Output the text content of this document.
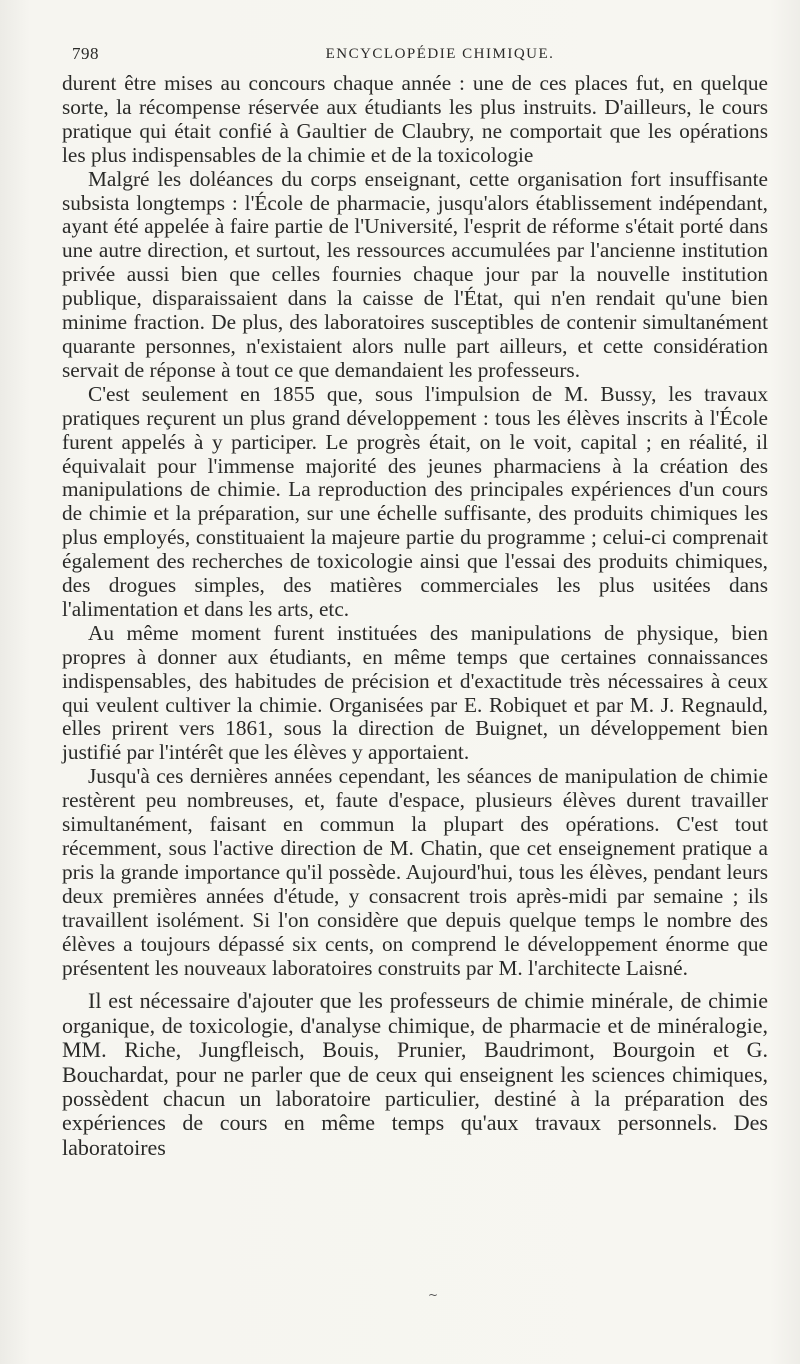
798	ENCYCLOPÉDIE CHIMIQUE.

durent être mises au concours chaque année : une de ces places fut, en quelque sorte, la récompense réservée aux étudiants les plus instruits. D'ailleurs, le cours pratique qui était confié à Gaultier de Claubry, ne comportait que les opérations les plus indispensables de la chimie et de la toxicologie

Malgré les doléances du corps enseignant, cette organisation fort insuffisante subsista longtemps : l'École de pharmacie, jusqu'alors établissement indépendant, ayant été appelée à faire partie de l'Université, l'esprit de réforme s'était porté dans une autre direction, et surtout, les ressources accumulées par l'ancienne institution privée aussi bien que celles fournies chaque jour par la nouvelle institution publique, disparaissaient dans la caisse de l'État, qui n'en rendait qu'une bien minime fraction. De plus, des laboratoires susceptibles de contenir simultanément quarante personnes, n'existaient alors nulle part ailleurs, et cette considération servait de réponse à tout ce que demandaient les professeurs.

C'est seulement en 1855 que, sous l'impulsion de M. Bussy, les travaux pratiques reçurent un plus grand développement : tous les élèves inscrits à l'École furent appelés à y participer. Le progrès était, on le voit, capital ; en réalité, il équivalait pour l'immense majorité des jeunes pharmaciens à la création des manipulations de chimie. La reproduction des principales expériences d'un cours de chimie et la préparation, sur une échelle suffisante, des produits chimiques les plus employés, constituaient la majeure partie du programme ; celui-ci comprenait également des recherches de toxicologie ainsi que l'essai des produits chimiques, des drogues simples, des matières commerciales les plus usitées dans l'alimentation et dans les arts, etc.

Au même moment furent instituées des manipulations de physique, bien propres à donner aux étudiants, en même temps que certaines connaissances indispensables, des habitudes de précision et d'exactitude très nécessaires à ceux qui veulent cultiver la chimie. Organisées par E. Robiquet et par M. J. Regnauld, elles prirent vers 1861, sous la direction de Buignet, un développement bien justifié par l'intérêt que les élèves y apportaient.

Jusqu'à ces dernières années cependant, les séances de manipulation de chimie restèrent peu nombreuses, et, faute d'espace, plusieurs élèves durent travailler simultanément, faisant en commun la plupart des opérations. C'est tout récemment, sous l'active direction de M. Chatin, que cet enseignement pratique a pris la grande importance qu'il possède. Aujourd'hui, tous les élèves, pendant leurs deux premières années d'étude, y consacrent trois après-midi par semaine ; ils travaillent isolément. Si l'on considère que depuis quelque temps le nombre des élèves a toujours dépassé six cents, on comprend le développement énorme que présentent les nouveaux laboratoires construits par M. l'architecte Laisné.

Il est nécessaire d'ajouter que les professeurs de chimie minérale, de chimie organique, de toxicologie, d'analyse chimique, de pharmacie et de minéralogie, MM. Riche, Jungfleisch, Bouis, Prunier, Baudrimont, Bourgoin et G. Bouchardat, pour ne parler que de ceux qui enseignent les sciences chimiques, possèdent chacun un laboratoire particulier, destiné à la préparation des expériences de cours en même temps qu'aux travaux personnels. Des laboratoires

~
